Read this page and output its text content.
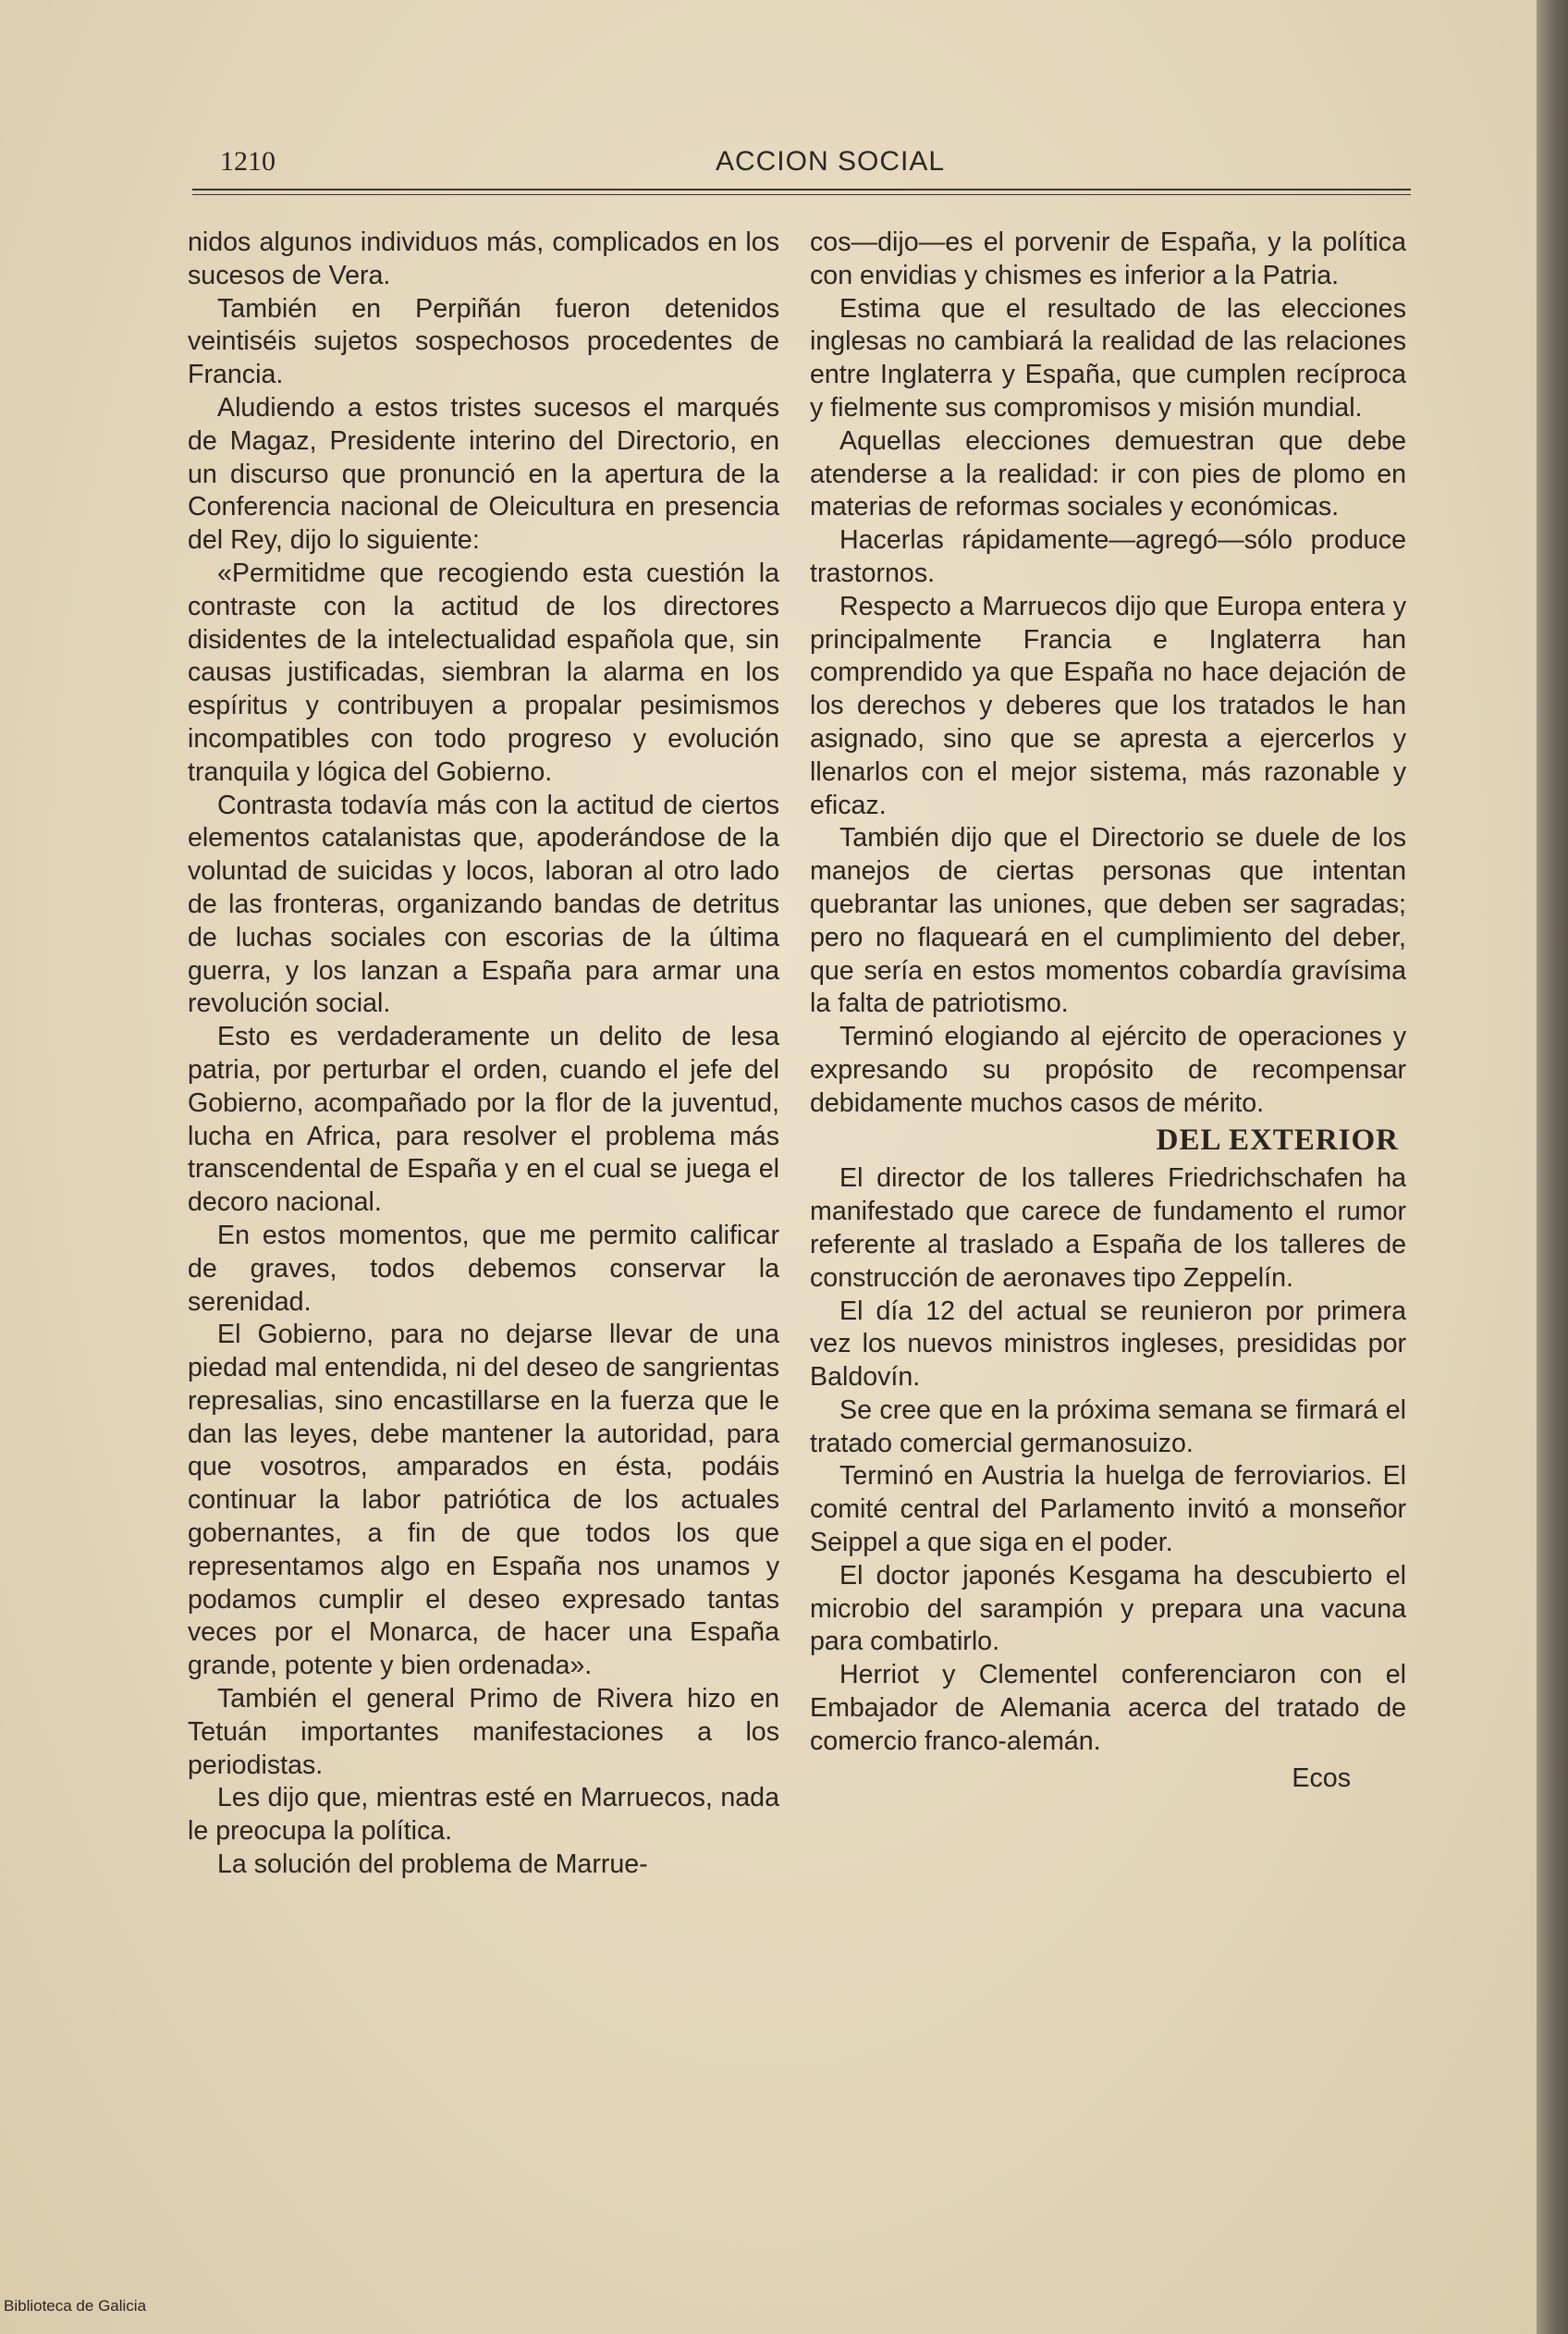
1210	ACCION SOCIAL

nidos algunos individuos más, complicados en los sucesos de Vera.

También en Perpiñán fueron detenidos veintiséis sujetos sospechosos procedentes de Francia.

Aludiendo a estos tristes sucesos el marqués de Magaz, Presidente interino del Directorio, en un discurso que pronunció en la apertura de la Conferencia nacional de Oleicultura en presencia del Rey, dijo lo siguiente:

«Permitidme que recogiendo esta cuestión la contraste con la actitud de los directores disidentes de la intelectualidad española que, sin causas justificadas, siembran la alarma en los espíritus y contribuyen a propalar pesimismos incompatibles con todo progreso y evolución tranquila y lógica del Gobierno.

Contrasta todavía más con la actitud de ciertos elementos catalanistas que, apoderándose de la voluntad de suicidas y locos, laboran al otro lado de las fronteras, organizando bandas de detritus de luchas sociales con escorias de la última guerra, y los lanzan a España para armar una revolución social.

Esto es verdaderamente un delito de lesa patria, por perturbar el orden, cuando el jefe del Gobierno, acompañado por la flor de la juventud, lucha en Africa, para resolver el problema más transcendental de España y en el cual se juega el decoro nacional.

En estos momentos, que me permito calificar de graves, todos debemos conservar la serenidad.

El Gobierno, para no dejarse llevar de una piedad mal entendida, ni del deseo de sangrientas represalias, sino encastillarse en la fuerza que le dan las leyes, debe mantener la autoridad, para que vosotros, amparados en ésta, podáis continuar la labor patriótica de los actuales gobernantes, a fin de que todos los que representamos algo en España nos unamos y podamos cumplir el deseo expresado tantas veces por el Monarca, de hacer una España grande, potente y bien ordenada».

También el general Primo de Rivera hizo en Tetuán importantes manifestaciones a los periodistas.

Les dijo que, mientras esté en Marruecos, nada le preocupa la política.

La solución del problema de Marrue-

cos—dijo—es el porvenir de España, y la política con envidias y chismes es inferior a la Patria.

Estima que el resultado de las elecciones inglesas no cambiará la realidad de las relaciones entre Inglaterra y España, que cumplen recíproca y fielmente sus compromisos y misión mundial.

Aquellas elecciones demuestran que debe atenderse a la realidad: ir con pies de plomo en materias de reformas sociales y económicas.

Hacerlas rápidamente—agregó—sólo produce trastornos.

Respecto a Marruecos dijo que Europa entera y principalmente Francia e Inglaterra han comprendido ya que España no hace dejación de los derechos y deberes que los tratados le han asignado, sino que se apresta a ejercerlos y llenarlos con el mejor sistema, más razonable y eficaz.

También dijo que el Directorio se duele de los manejos de ciertas personas que intentan quebrantar las uniones, que deben ser sagradas; pero no flaqueará en el cumplimiento del deber, que sería en estos momentos cobardía gravísima la falta de patriotismo.

Terminó elogiando al ejército de operaciones y expresando su propósito de recompensar debidamente muchos casos de mérito.

DEL EXTERIOR

El director de los talleres Friedrichschafen ha manifestado que carece de fundamento el rumor referente al traslado a España de los talleres de construcción de aeronaves tipo Zeppelín.

El día 12 del actual se reunieron por primera vez los nuevos ministros ingleses, presididas por Baldovín.

Se cree que en la próxima semana se firmará el tratado comercial germanosuizo.

Terminó en Austria la huelga de ferroviarios. El comité central del Parlamento invitó a monseñor Seippel a que siga en el poder.

El doctor japonés Kesgama ha descubierto el microbio del sarampión y prepara una vacuna para combatirlo.

Herriot y Clementel conferenciaron con el Embajador de Alemania acerca del tratado de comercio franco-alemán.

Ecos
Biblioteca de Galicia
